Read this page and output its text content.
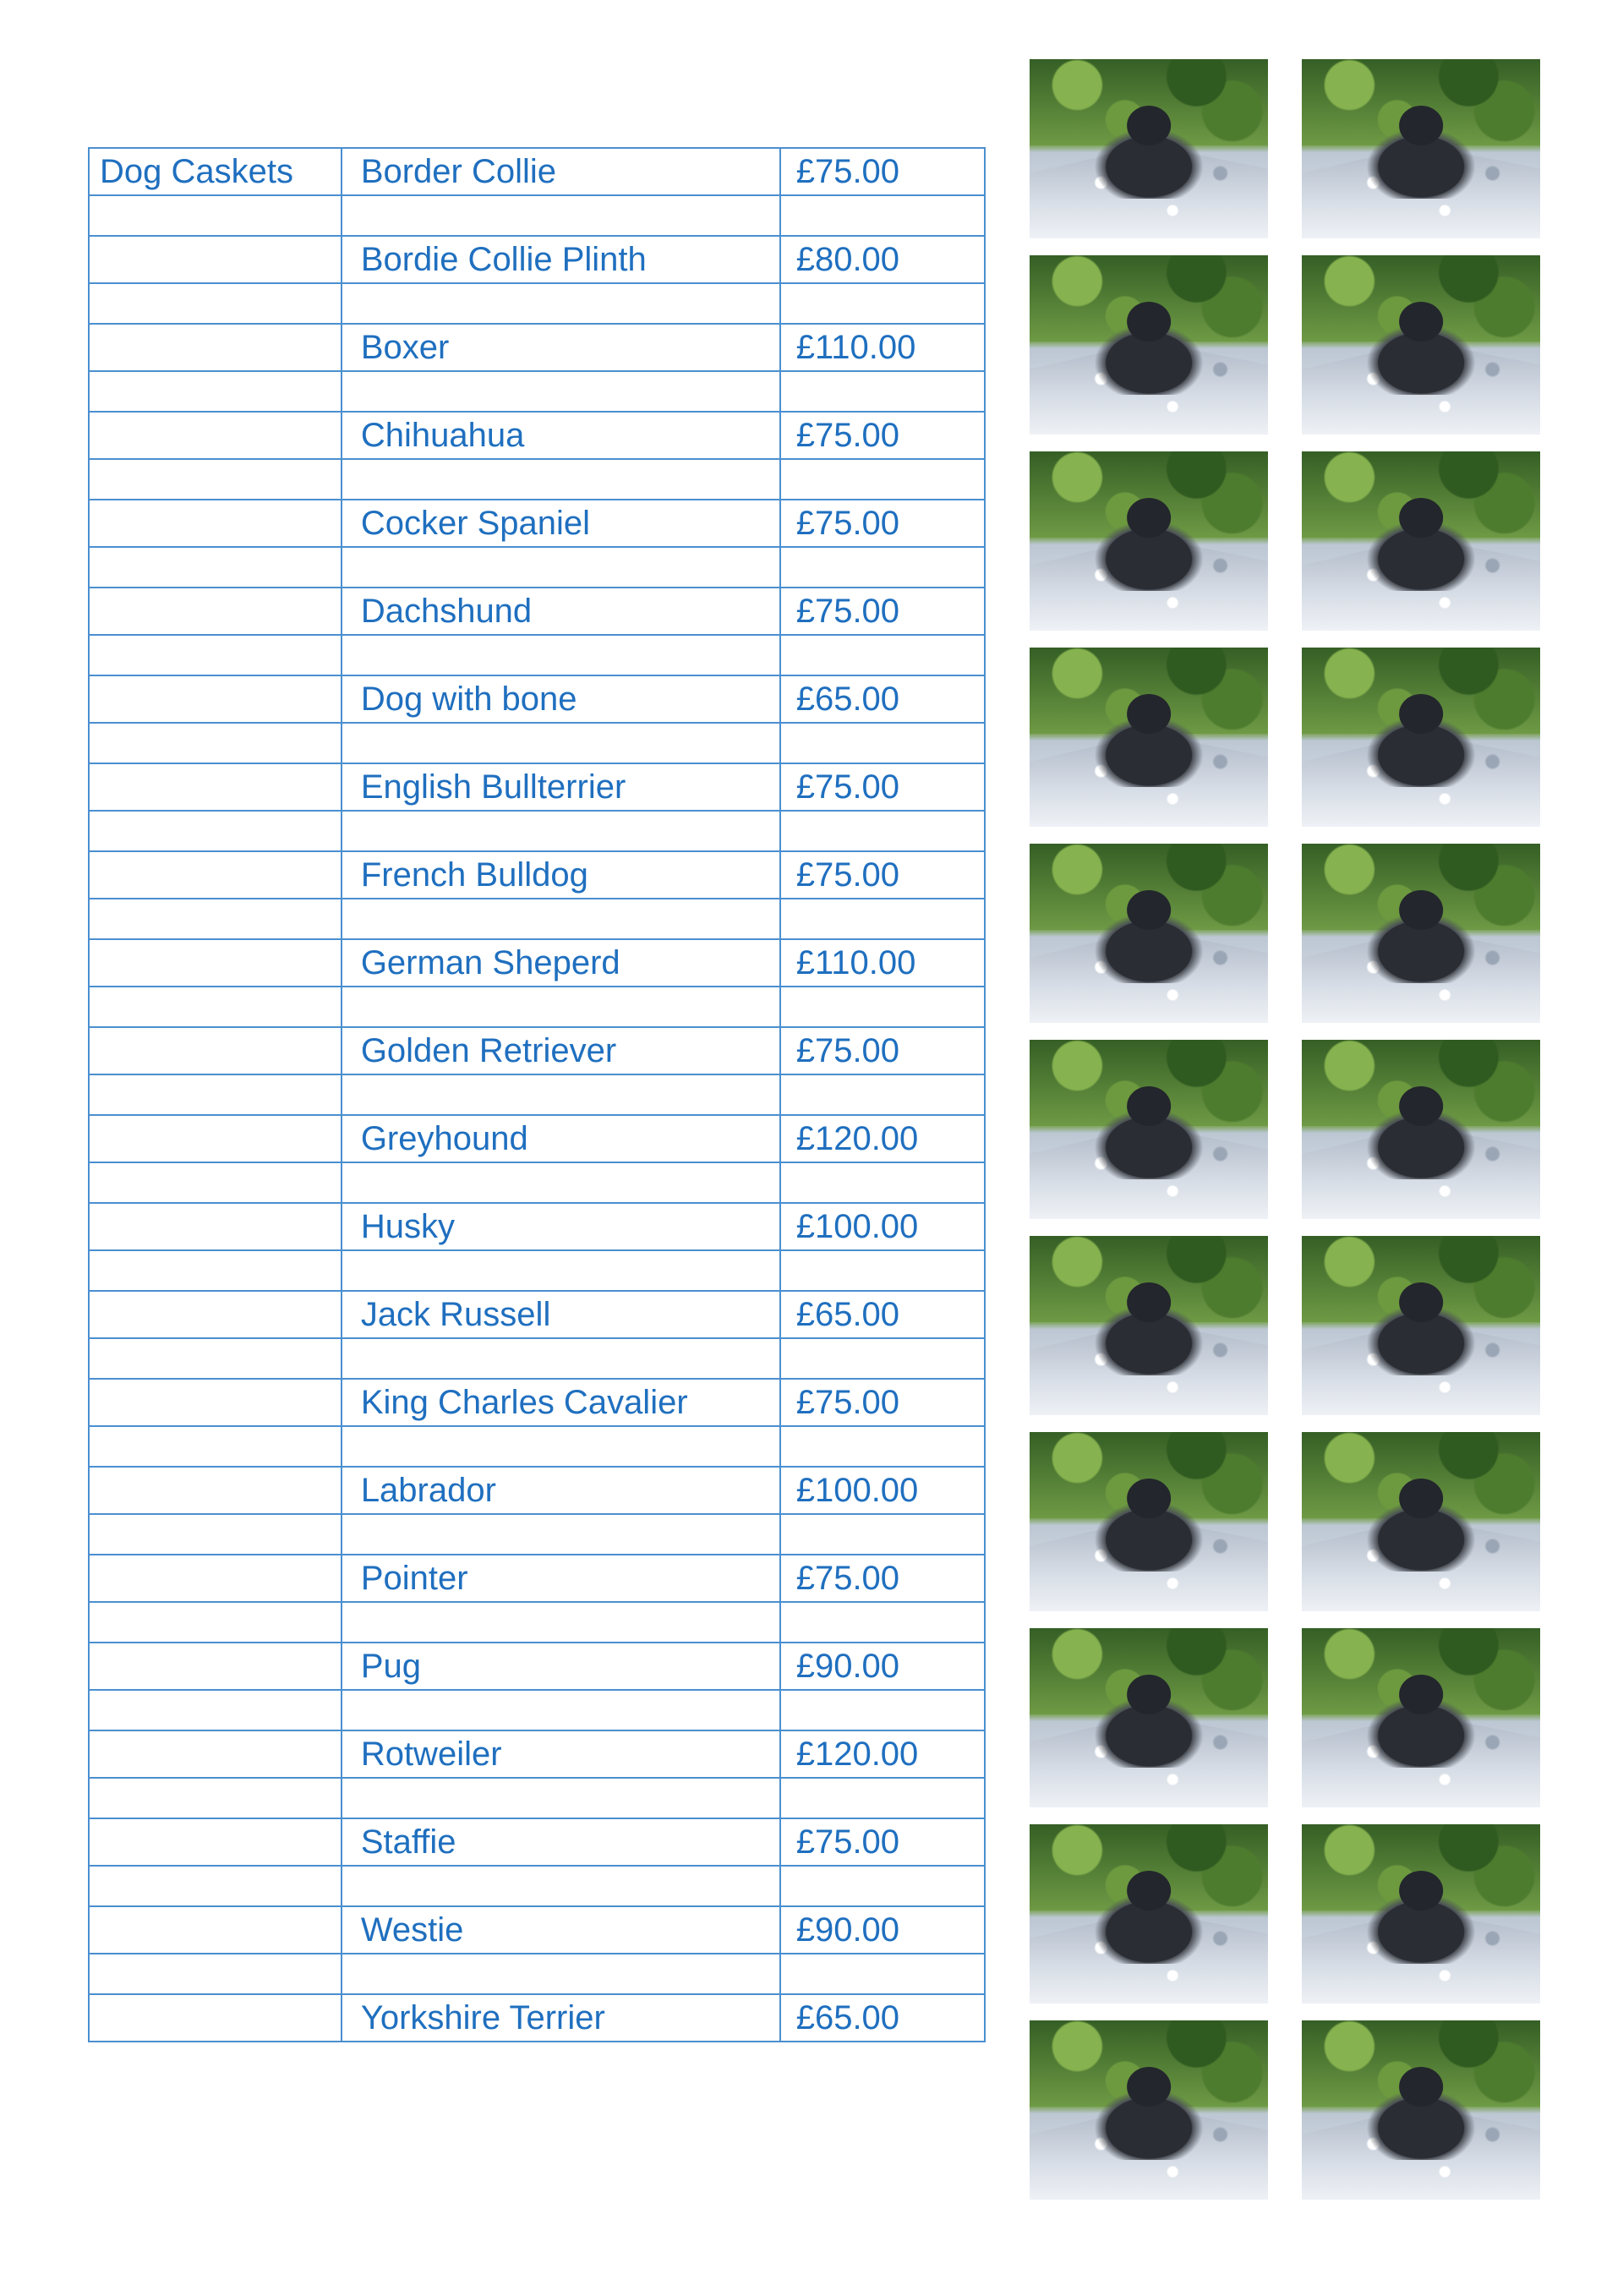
Dog Caskets	Border Collie	£75.00

	Bordie Collie Plinth	£80.00

	Boxer	£110.00

	Chihuahua	£75.00

	Cocker Spaniel	£75.00

	Dachshund	£75.00

	Dog with bone	£65.00

	English Bullterrier	£75.00

	French Bulldog	£75.00

	German Sheperd	£110.00

	Golden Retriever	£75.00

	Greyhound	£120.00

	Husky	£100.00

	Jack Russell	£65.00

	King Charles Cavalier	£75.00

	Labrador	£100.00

	Pointer	£75.00

	Pug	£90.00

	Rotweiler	£120.00

	Staffie	£75.00

	Westie	£90.00

	Yorkshire Terrier	£65.00
